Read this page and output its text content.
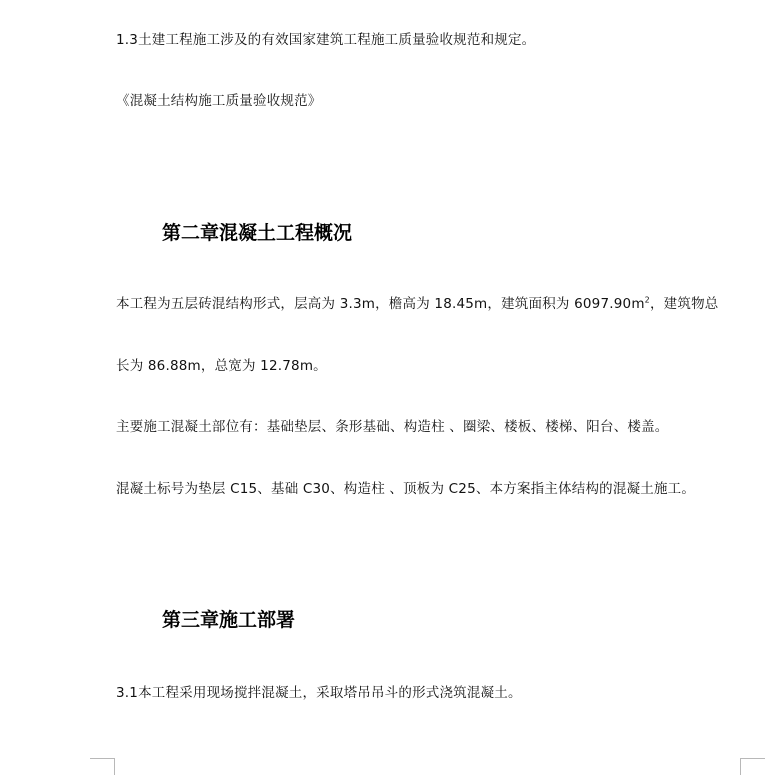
1.3土建工程施工涉及的有效国家建筑工程施工质量验收规范和规定。
《混凝土结构施工质量验收规范》
第二章混凝土工程概况
本工程为五层砖混结构形式，层高为 3.3m，檐高为 18.45m，建筑面积为 $6097.90m^2$，建筑物总
长为 86.88m，总宽为 12.78m。
主要施工混凝土部位有：基础垫层、条形基础、构造柱 、圈梁、楼板、楼梯、阳台、楼盖。
混凝土标号为垫层 C15、基础 C30、构造柱 、顶板为 C25、本方案指主体结构的混凝土施工。
第三章施工部署
3.1本工程采用现场搅拌混凝土，采取塔吊吊斗的形式浇筑混凝土。
